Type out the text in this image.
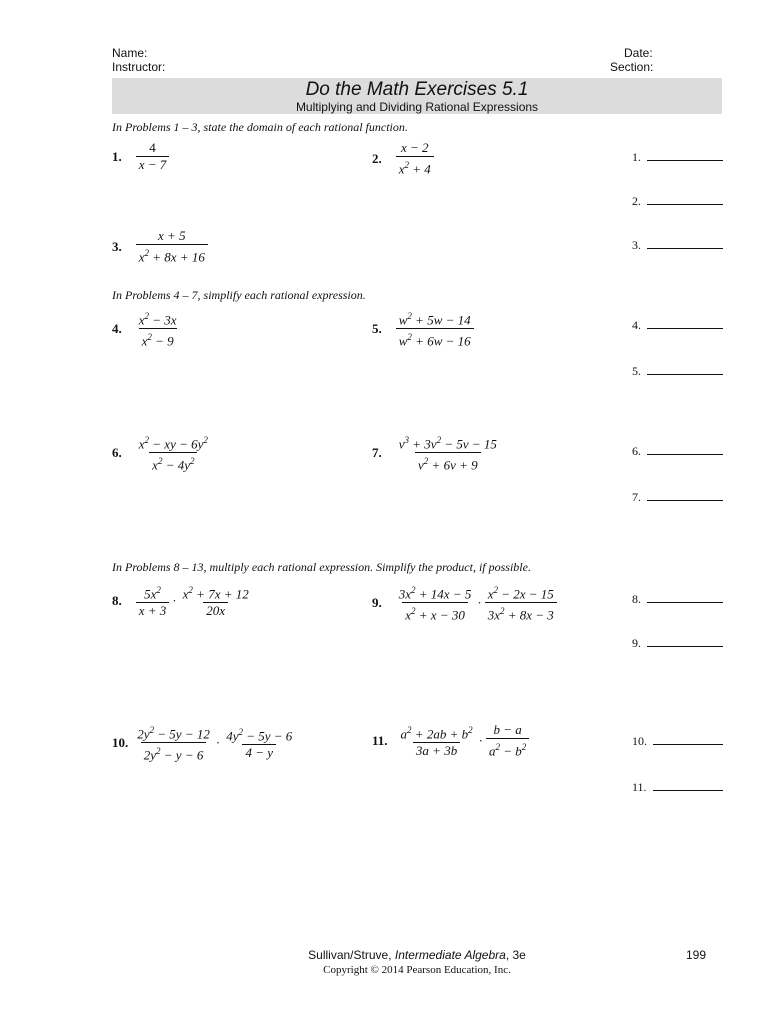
Name:
Instructor:
Date:
Section:
Do the Math Exercises 5.1
Multiplying and Dividing Rational Expressions
In Problems 1 – 3, state the domain of each rational function.
1. $\frac{4}{x - 7}$	2. $\frac{x - 2}{x^2 + 4}$
3. $\frac{x + 5}{x^2 + 8x + 16}$
In Problems 4 – 7, simplify each rational expression.
4. $\frac{x^2 - 3x}{x^2 - 9}$	5. $\frac{w^2 + 5w - 14}{w^2 + 6w - 16}$
6. $\frac{x^2 - xy - 6y^2}{x^2 - 4y^2}$	7. $\frac{v^3 + 3v^2 - 5v - 15}{v^2 + 6v + 9}$
In Problems 8 – 13, multiply each rational expression. Simplify the product, if possible.
8. $\frac{5x^2}{x + 3} \cdot \frac{x^2 + 7x + 12}{20x}$	9. $\frac{3x^2 + 14x - 5}{x^2 + x - 30} \cdot \frac{x^2 - 2x - 15}{3x^2 + 8x - 3}$
10. $\frac{2y^2 - 5y - 12}{2y^2 - y - 6} \cdot \frac{4y^2 - 5y - 6}{4 - y}$	11. $\frac{a^2 + 2ab + b^2}{3a + 3b} \cdot \frac{b - a}{a^2 - b^2}$
1.
2.
3.
4.
5.
6.
7.
8.
9.
10.
11.
Sullivan/Struve, Intermediate Algebra, 3e
Copyright © 2014 Pearson Education, Inc.
199
